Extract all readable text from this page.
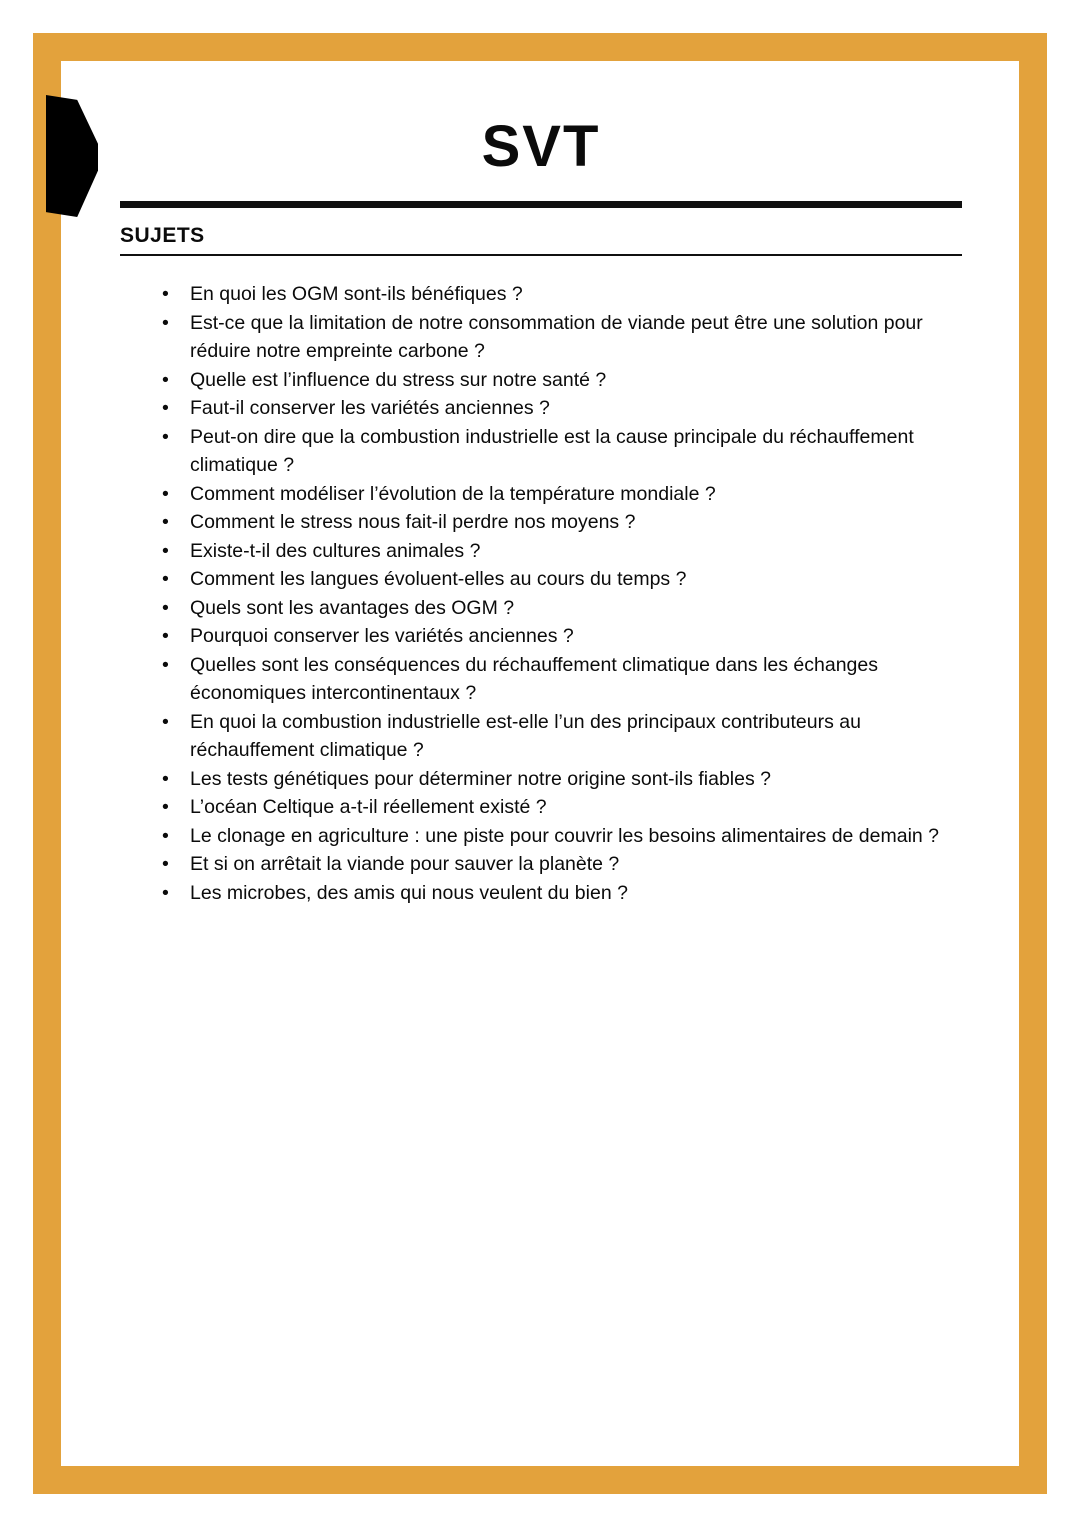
SVT
SUJETS
• En quoi les OGM sont-ils bénéfiques ?
• Est-ce que la limitation de notre consommation de viande peut être une solution pour réduire notre empreinte carbone ?
• Quelle est l’influence du stress sur notre santé ?
• Faut-il conserver les variétés anciennes ?
• Peut-on dire que la combustion industrielle est la cause principale du réchauffement climatique ?
• Comment modéliser l’évolution de la température mondiale ?
• Comment le stress nous fait-il perdre nos moyens ?
• Existe-t-il des cultures animales ?
• Comment les langues évoluent-elles au cours du temps ?
• Quels sont les avantages des OGM ?
• Pourquoi conserver les variétés anciennes ?
• Quelles sont les conséquences du réchauffement climatique dans les échanges économiques intercontinentaux ?
• En quoi la combustion industrielle est-elle l’un des principaux contributeurs au réchauffement climatique ?
• Les tests génétiques pour déterminer notre origine sont-ils fiables ?
• L’océan Celtique a-t-il réellement existé ?
• Le clonage en agriculture : une piste pour couvrir les besoins alimentaires de demain ?
• Et si on arrêtait la viande pour sauver la planète ?
• Les microbes, des amis qui nous veulent du bien ?
